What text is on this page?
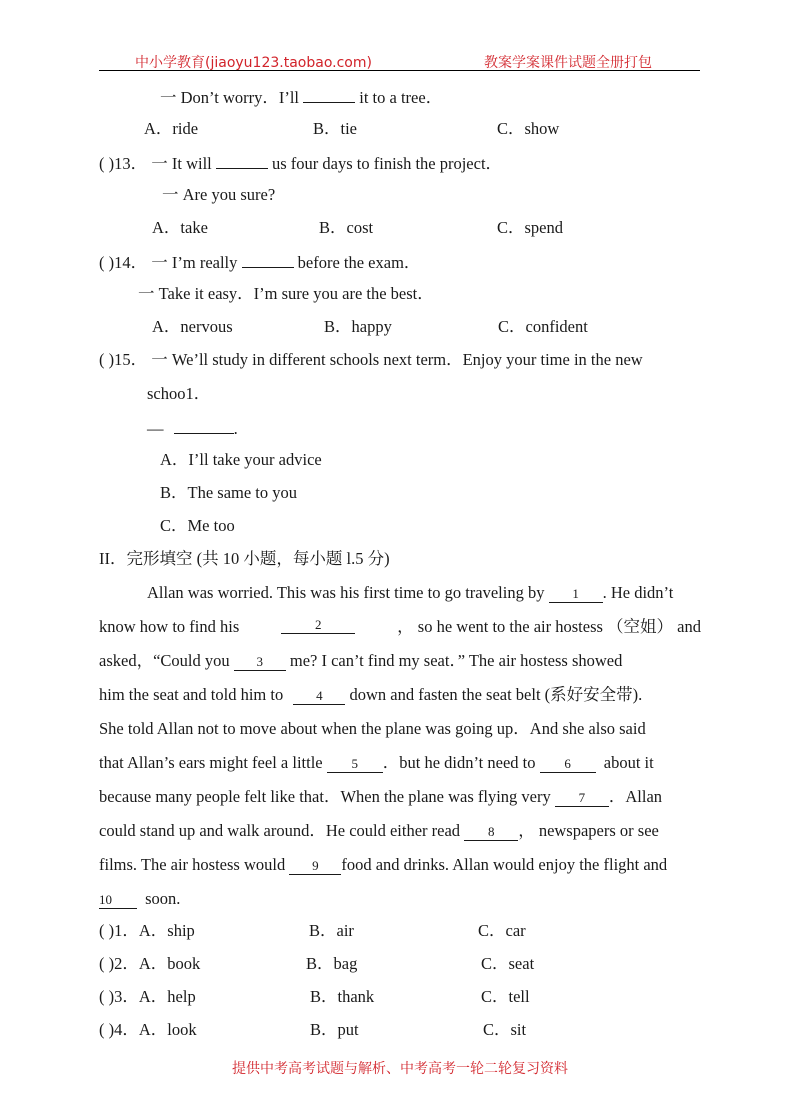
中小学教育(jiaoyu123.taobao.com)	教案学案课件试题全册打包
一 Don’t worry．I’ll	it to a tree．
A．ride	B．tie	C．show
( )13． 一 It will	us four days to finish the project．
一 Are you sure?
A．take	B．cost	C．spend
( )14． 一 I’m really	before the exam．
一 Take it easy．I’m sure you are the best．
A．nervous	B．happy	C．confident
( )15． 一 We’ll study in different schools next term．Enjoy your time in the new
schoo1．
—	.
A．I’ll take your advice
B．The same to you
C．Me too
II．完形填空 (共 10 小题，每小题 l.5 分)
Allan was worried. This was his first time to go traveling by 1 . He didn’t
know how to find his	2	， so he went to the air hostess （空姐） and
asked，“Could you 3 me? I can’t find my seat．” The air hostess showed
him the seat and told him to	4 down and fasten the seat belt (系好安全带).
She told Allan not to move about when the plane was going up．And she also said
that Allan’s ears might feel a little 5 ．but he didn’t need to 6 about it
because many people felt like that．When the plane was flying very 7 ．Allan
could stand up and walk around．He could either read 8 ， newspapers or see
films. The air hostess would 9 food and drinks. Allan would enjoy the flight and
10 soon.
( )1．A．ship	B．air	C．car
( )2．A．book	B．bag	C．seat
( )3．A．help	B．thank	C．tell
( )4．A．look	B．put	C．sit
提供中考高考试题与解析、中考高考一轮二轮复习资料
